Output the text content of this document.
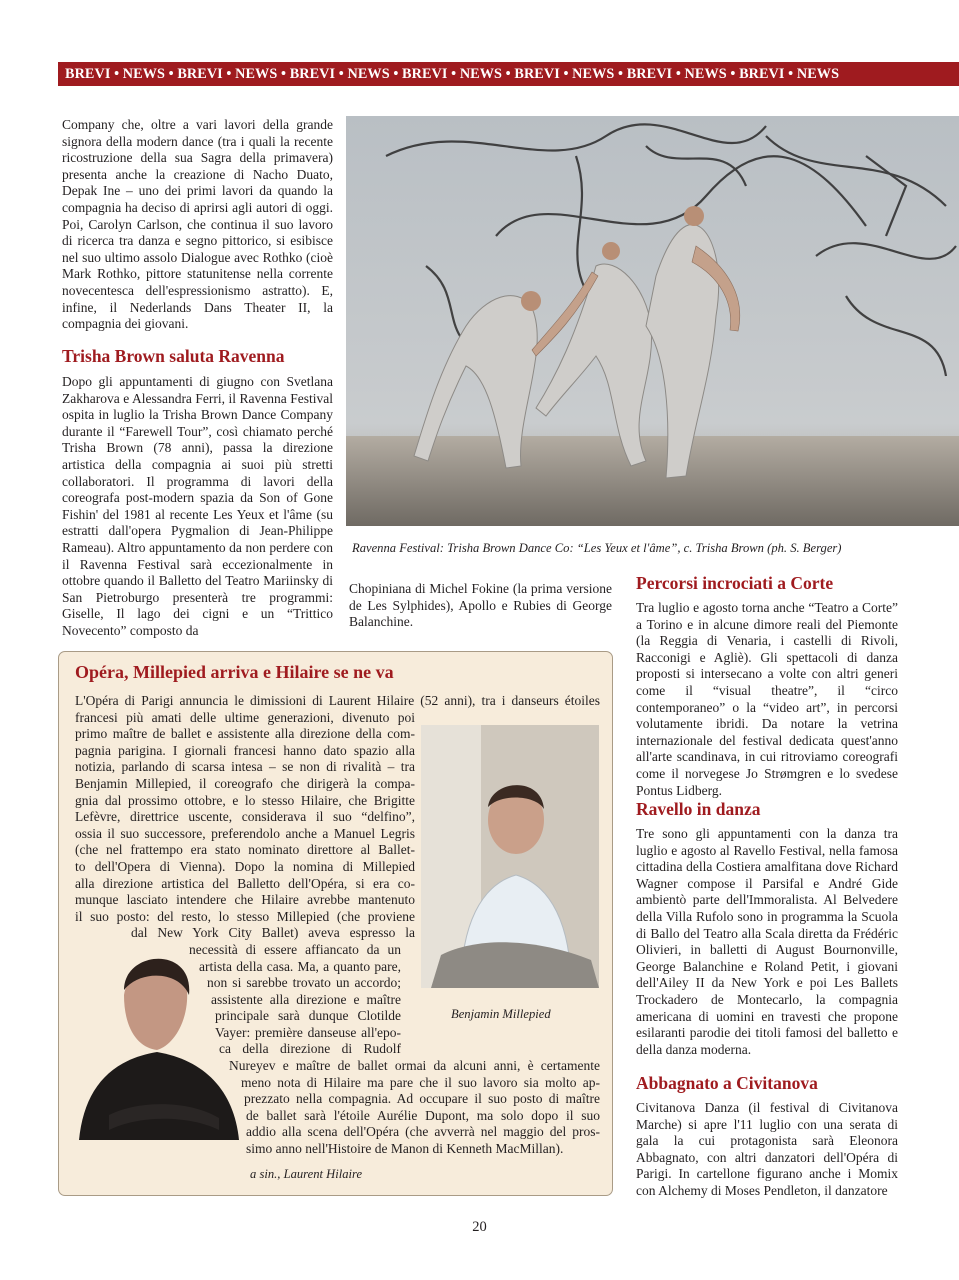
BREVI • NEWS • BREVI • NEWS • BREVI • NEWS • BREVI • NEWS • BREVI • NEWS • BREVI • NEWS • BREVI • NEWS

Company che, oltre a vari lavori della grande signora della modern dance (tra i quali la recente ricostruzione della sua Sagra della primavera) presenta anche la creazione di Nacho Duato, Depak Ine – uno dei primi lavori da quando la compagnia ha deciso di aprirsi agli autori di oggi. Poi, Carolyn Carlson, che continua il suo lavoro di ricerca tra danza e segno pittorico, si esibisce nel suo ultimo assolo Dialogue avec Rothko (cioè Mark Rothko, pittore statunitense nella corrente novecentesca dell'espressionismo astratto). E, infine, il Nederlands Dans Theater II, la compagnia dei giovani.

Trisha Brown saluta Ravenna

Dopo gli appuntamenti di giugno con Svetlana Zakharova e Alessandra Ferri, il Ravenna Festival ospita in luglio la Trisha Brown Dance Company durante il “Farewell Tour”, così chiamato perché Trisha Brown (78 anni), passa la direzione artistica della compagnia ai suoi più stretti collaboratori. Il programma di lavori della coreografa post-modern spazia da Son of Gone Fishin' del 1981 al recente Les Yeux et l'âme (su estratti dall'opera Pygmalion di Jean-Philippe Rameau). Altro appuntamento da non perdere con il Ravenna Festival sarà eccezionalmente in ottobre quando il Balletto del Teatro Mariinsky di San Pietroburgo presenterà tre programmi: Giselle, Il lago dei cigni e un “Trittico Novecento” composto da

Ravenna Festival: Trisha Brown Dance Co: “Les Yeux et l'âme”, c. Trisha Brown (ph. S. Berger)

Chopiniana di Michel Fokine (la prima versione de Les Sylphides), Apollo e Rubies di George Balanchine.

Percorsi incrociati a Corte

Tra luglio e agosto torna anche “Teatro a Corte” a Torino e in alcune dimore reali del Piemonte (la Reggia di Venaria, i castelli di Rivoli, Racconigi e Agliè). Gli spettacoli di danza proposti si intersecano a volte con altri generi come il “visual theatre”, il “circo contemporaneo” o la “video art”, in percorsi volutamente ibridi. Da notare la vetrina internazionale del festival dedicata quest'anno all'arte scandinava, in cui ritroviamo coreografi come il norvegese Jo Strømgren e lo svedese Pontus Lidberg.

Ravello in danza

Tre sono gli appuntamenti con la danza tra luglio e agosto al Ravello Festival, nella famosa cittadina della Costiera amalfitana dove Richard Wagner compose il Parsifal e André Gide ambientò parte dell'Immoralista. Al Belvedere della Villa Rufolo sono in programma la Scuola di Ballo del Teatro alla Scala diretta da Frédéric Olivieri, in balletti di August Bournonville, George Balanchine e Roland Petit, i giovani dell'Ailey II da New York e poi Les Ballets Trockadero de Montecarlo, la compagnia americana di uomini en travesti che propone esilaranti parodie dei titoli famosi del balletto e della danza moderna.

Abbagnato a Civitanova

Civitanova Danza (il festival di Civitanova Marche) si apre l'11 luglio con una serata di gala la cui protagonista sarà Eleonora Abbagnato, con altri danzatori dell'Opéra di Parigi. In cartellone figurano anche i Momix con Alchemy di Moses Pendleton, il danzatore

Opéra, Millepied arriva e Hilaire se ne va
Benjamin Millepied
a sin., Laurent Hilaire
L'Opéra di Parigi annuncia le dimissioni di Laurent Hilaire (52 anni), tra i danseurs étoiles
francesi più amati delle ultime generazioni, divenuto poi
primo maître de ballet e assistente alla direzione della com-
pagnia parigina. I giornali francesi hanno dato spazio alla
notizia, parlando di scarsa intesa – se non di rivalità – tra
Benjamin Millepied, il coreografo che dirigerà la compa-
gnia dal prossimo ottobre, e lo stesso Hilaire, che Brigitte
Lefèvre, direttrice uscente, considerava il suo “delfino”,
ossia il suo successore, preferendolo anche a Manuel Legris
(che nel frattempo era stato nominato direttore al Ballet-
to dell'Opera di Vienna). Dopo la nomina di Millepied
alla direzione artistica del Balletto dell'Opéra, si era co-
munque lasciato intendere che Hilaire avrebbe mantenuto
il suo posto: del resto, lo stesso Millepied (che proviene
dal New York City Ballet) aveva espresso la
necessità di essere affiancato da un
artista della casa. Ma, a quanto pare,
non si sarebbe trovato un accordo;
assistente alla direzione e maître
principale sarà dunque Clotilde
Vayer: première danseuse all'epo-
ca della direzione di Rudolf
Nureyev e maître de ballet ormai da alcuni anni, è certamente
meno nota di Hilaire ma pare che il suo lavoro sia molto ap-
prezzato nella compagnia. Ad occupare il suo posto di maître
de ballet sarà l'étoile Aurélie Dupont, ma solo dopo il suo
addio alla scena dell'Opéra (che avverrà nel maggio del pros-
simo anno nell'Histoire de Manon di Kenneth MacMillan).
20
